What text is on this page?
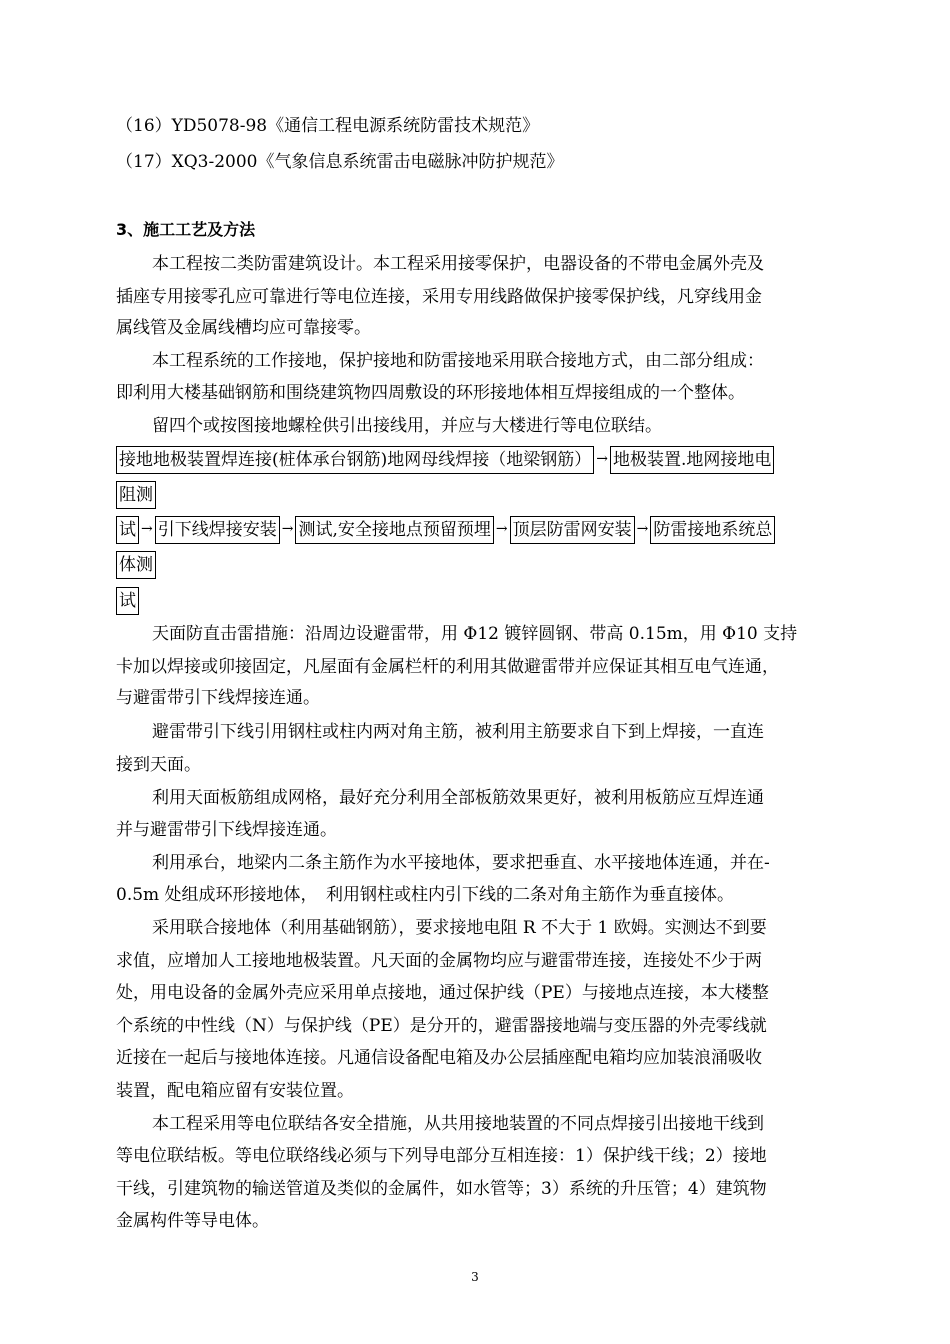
（16）YD5078-98《通信工程电源系统防雷技术规范》
（17）XQ3-2000《气象信息系统雷击电磁脉冲防护规范》
3、施工工艺及方法
本工程按二类防雷建筑设计。本工程采用接零保护，电器设备的不带电金属外壳及
插座专用接零孔应可靠进行等电位连接，采用专用线路做保护接零保护线，凡穿线用金
属线管及金属线槽均应可靠接零。
本工程系统的工作接地，保护接地和防雷接地采用联合接地方式，由二部分组成：
即利用大楼基础钢筋和围绕建筑物四周敷设的环形接地体相互焊接组成的一个整体。
留四个或按图接地螺栓供引出接线用，并应与大楼进行等电位联结。
接地地极装置焊连接(桩体承台钢筋)地网母线焊接（地梁钢筋） → 地极装置.地网接地电
阻测
试 → 引下线焊接安装 → 测试,安全接地点预留预埋 → 顶层防雷网安装 → 防雷接地系统总
体测
试
天面防直击雷措施：沿周边设避雷带，用 Φ12 镀锌圆钢、带高 0.15m，用 Φ10 支持
卡加以焊接或卯接固定，凡屋面有金属栏杆的利用其做避雷带并应保证其相互电气连通，
与避雷带引下线焊接连通。
避雷带引下线引用钢柱或柱内两对角主筋，被利用主筋要求自下到上焊接，一直连
接到天面。
利用天面板筋组成网格，最好充分利用全部板筋效果更好，被利用板筋应互焊连通
并与避雷带引下线焊接连通。
利用承台，地梁内二条主筋作为水平接地体，要求把垂直、水平接地体连通，并在-
0.5m 处组成环形接地体，　利用钢柱或柱内引下线的二条对角主筋作为垂直接体。
采用联合接地体（利用基础钢筋），要求接地电阻 R 不大于 1 欧姆。实测达不到要
求值，应增加人工接地地极装置。凡天面的金属物均应与避雷带连接，连接处不少于两
处，用电设备的金属外壳应采用单点接地，通过保护线（PE）与接地点连接，本大楼整
个系统的中性线（N）与保护线（PE）是分开的，避雷器接地端与变压器的外壳零线就
近接在一起后与接地体连接。凡通信设备配电箱及办公层插座配电箱均应加装浪涌吸收
装置，配电箱应留有安装位置。
本工程采用等电位联结各安全措施，从共用接地装置的不同点焊接引出接地干线到
等电位联结板。等电位联络线必须与下列导电部分互相连接：1）保护线干线；2）接地
干线，引建筑物的输送管道及类似的金属件，如水管等；3）系统的升压管；4）建筑物
金属构件等导电体。
3
